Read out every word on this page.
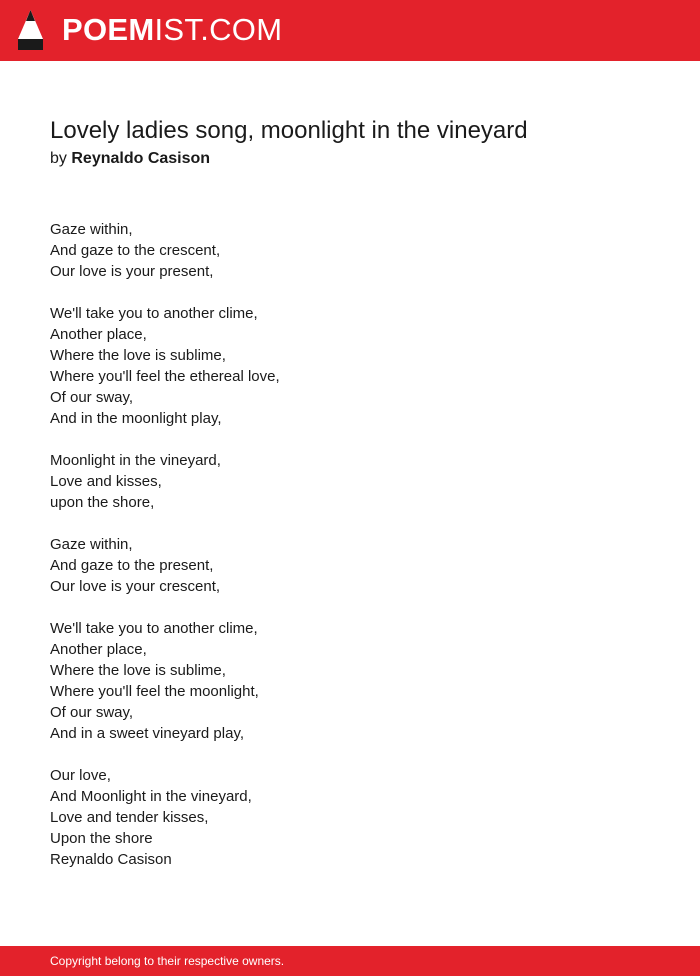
POEMIST.COM
Lovely ladies song, moonlight in the vineyard
by Reynaldo Casison
Gaze within,
And gaze to the crescent,
Our love is your present,
We'll take you to another clime,
Another place,
Where the love is sublime,
Where you'll feel the ethereal love,
Of our sway,
And in the moonlight play,
Moonlight in the vineyard,
Love and kisses,
upon the shore,
Gaze within,
And gaze to the present,
Our love is your crescent,
We'll take you to another clime,
Another place,
Where the love is sublime,
Where you'll feel the moonlight,
Of our sway,
And in a sweet vineyard play,
Our love,
And Moonlight in the vineyard,
Love and tender kisses,
Upon the shore
Reynaldo Casison
Copyright belong to their respective owners.
